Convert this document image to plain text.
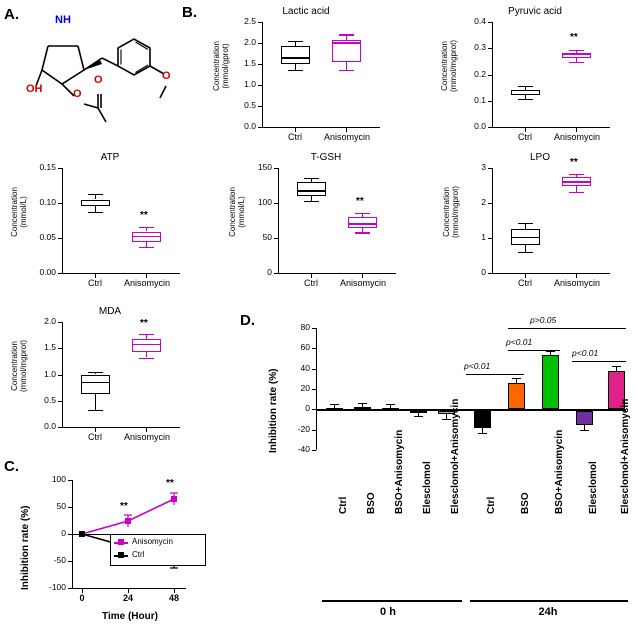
A.	B.
C.
D.
NH
OH	O
O	O
Lactic acid
0.0
0.5
1.0
1.5
2.0
2.5
Concentration
(mmol/gprot)
Ctrl	Anisomycin
Pyruvic acid
0.0
0.1
0.2
0.3
0.4
Concentration
(mmol/mgprot)
**
Ctrl	Anisomycin
ATP
0.00
0.05
0.10
0.15
Concentration
(mmol/L)	**
Ctrl	Anisomycin
T-GSH
0
50
100
150
Concentration
(mmol/L)	**
Ctrl	Anisomycin
LPO
0
1
2
3
Concentration
(mmol/mgprot)
**
Ctrl	Anisomycin
MDA
0.0
0.5
1.0
1.5
2.0
Concentration
(mmol/mgprot)
**
Ctrl	Anisomycin
-100
-50
0
50
100
**
**
0	24	48
Time (Hour)
Inhibition rate (%)	Anisomycin
Ctrl
80
60
40
20
0
-20
-40
Inhibition rate (%)
p<0.01
p<0.01
p>0.05
p<0.01
Ctrl BSO BSO+Anisomycin Elesclomol Elesclomol+Anisomycin	Ctrl BSO BSO+Anisomycin Elesclomol Elesclomol+Anisomycin
0 h	24h
